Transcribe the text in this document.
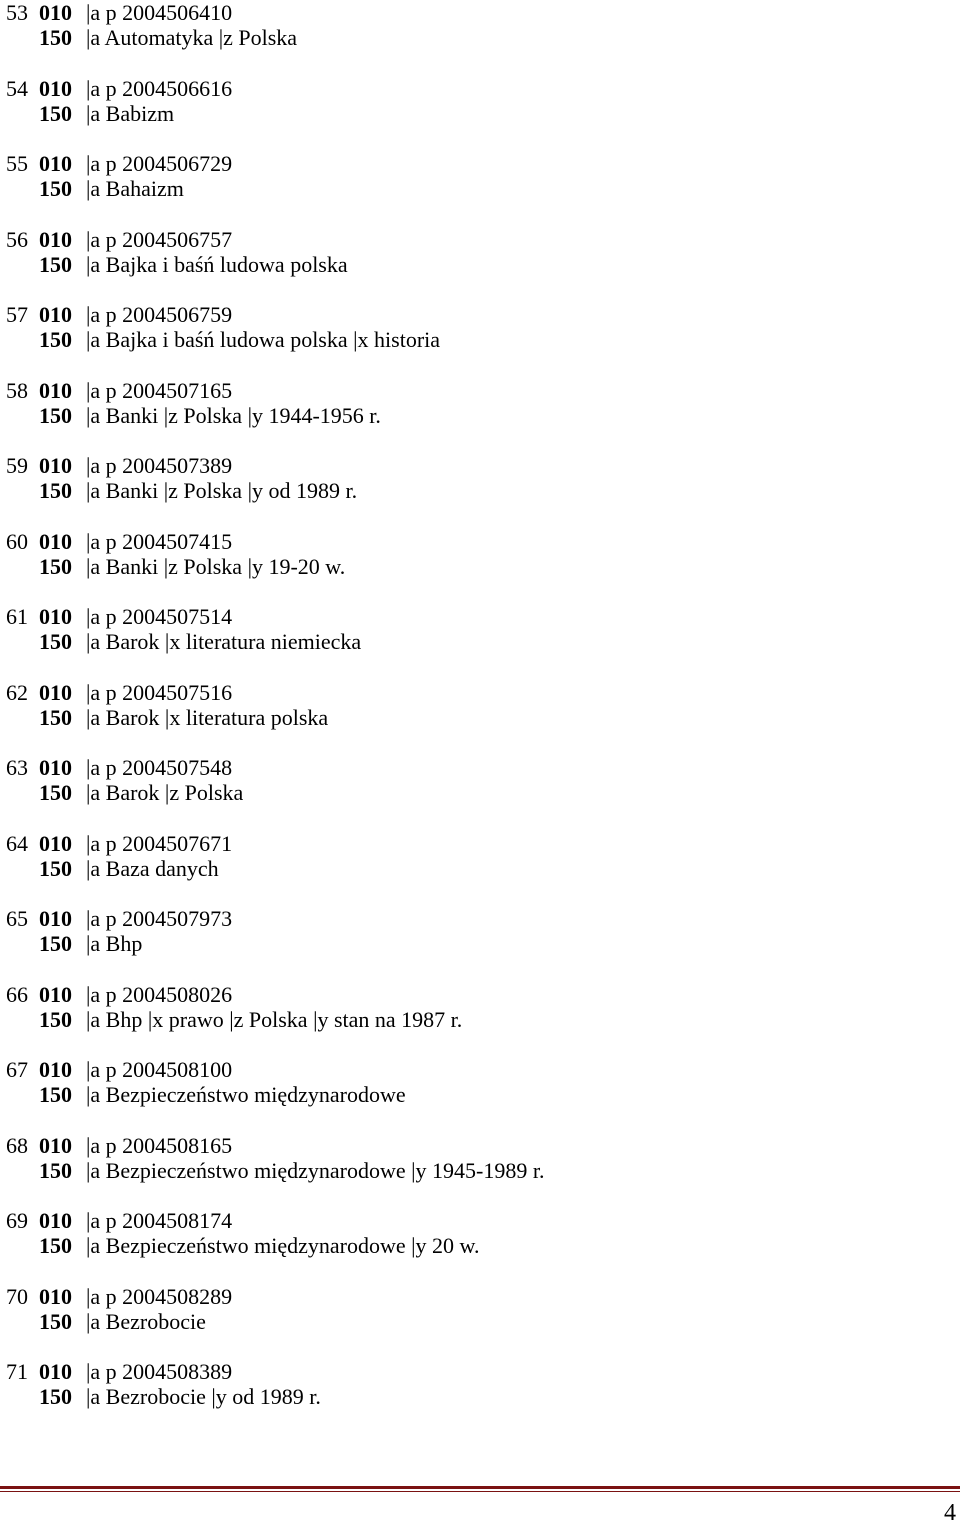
53 010 |a p 2004506410
150 |a Automatyka |z Polska
54 010 |a p 2004506616
150 |a Babizm
55 010 |a p 2004506729
150 |a Bahaizm
56 010 |a p 2004506757
150 |a Bajka i baśń ludowa polska
57 010 |a p 2004506759
150 |a Bajka i baśń ludowa polska |x historia
58 010 |a p 2004507165
150 |a Banki |z Polska |y 1944-1956 r.
59 010 |a p 2004507389
150 |a Banki |z Polska |y od 1989 r.
60 010 |a p 2004507415
150 |a Banki |z Polska |y 19-20 w.
61 010 |a p 2004507514
150 |a Barok |x literatura niemiecka
62 010 |a p 2004507516
150 |a Barok |x literatura polska
63 010 |a p 2004507548
150 |a Barok |z Polska
64 010 |a p 2004507671
150 |a Baza danych
65 010 |a p 2004507973
150 |a Bhp
66 010 |a p 2004508026
150 |a Bhp |x prawo |z Polska |y stan na 1987 r.
67 010 |a p 2004508100
150 |a Bezpieczeństwo międzynarodowe
68 010 |a p 2004508165
150 |a Bezpieczeństwo międzynarodowe |y 1945-1989 r.
69 010 |a p 2004508174
150 |a Bezpieczeństwo międzynarodowe |y 20 w.
70 010 |a p 2004508289
150 |a Bezrobocie
71 010 |a p 2004508389
150 |a Bezrobocie |y od 1989 r.
4
